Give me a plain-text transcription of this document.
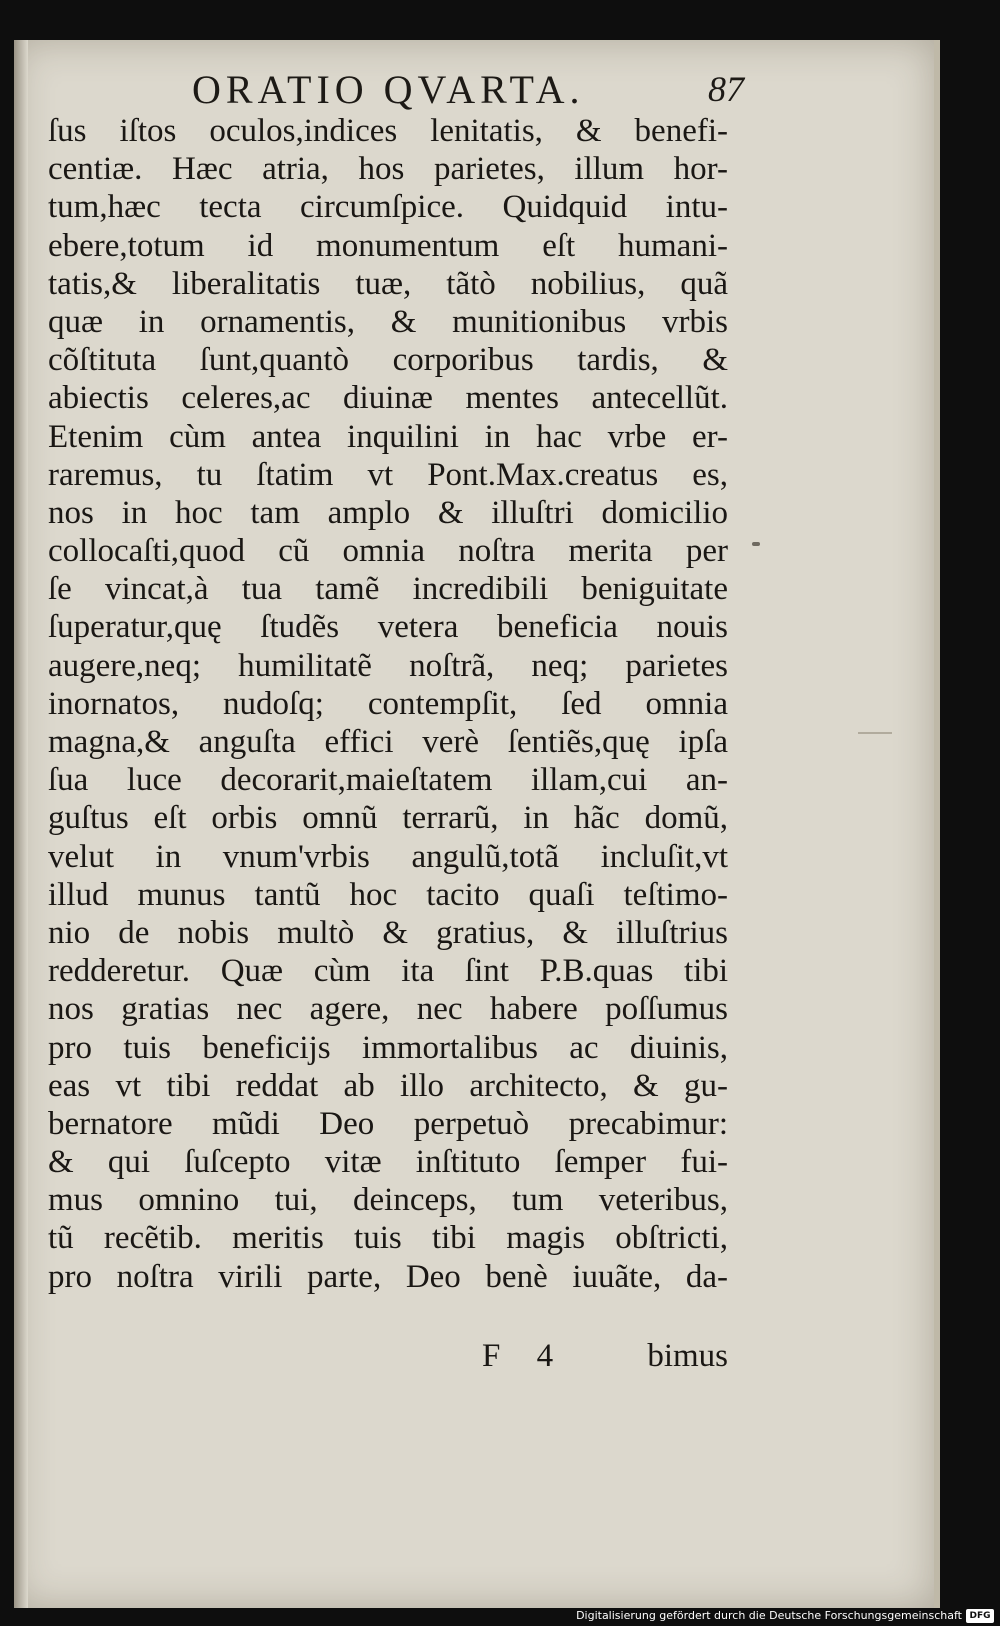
ORATIO QVARTA.	87
ſus iſtos oculos,indices lenitatis, & benefi-
centiæ. Hæc atria, hos parietes, illum hor-
tum,hæc tecta circumſpice. Quidquid intu-
ebere,totum id monumentum eſt humani-
tatis,& liberalitatis tuæ, tãtò nobilius, quã
quæ in ornamentis, & munitionibus vrbis
cõſtituta ſunt,quantò corporibus tardis, &
abiectis celeres,ac diuinæ mentes antecellũt.
Etenim cùm antea inquilini in hac vrbe er-
raremus, tu ſtatim vt Pont.Max.creatus es,
nos in hoc tam amplo & illuſtri domicilio
collocaſti,quod cũ omnia noſtra merita per
ſe vincat,à tua tamẽ incredibili beniguitate
ſuperatur,quę ſtudẽs vetera beneficia nouis
augere,neq; humilitatẽ noſtrã, neq; parietes
inornatos, nudoſq; contempſit, ſed omnia
magna,& anguſta effici verè ſentiẽs,quę ipſa
ſua luce decorarit,maieſtatem illam,cui an-
guſtus eſt orbis omnũ terrarũ, in hãc domũ,
velut in vnum'vrbis angulũ,totã incluſit,vt
illud munus tantũ hoc tacito quaſi teſtimo-
nio de nobis multò & gratius, & illuſtrius
redderetur. Quæ cùm ita ſint P.B.quas tibi
nos gratias nec agere, nec habere poſſumus
pro tuis beneficijs immortalibus ac diuinis,
eas vt tibi reddat ab illo architecto, & gu-
bernatore mũdi Deo perpetuò precabimur:
& qui ſuſcepto vitæ inſtituto ſemper fui-
mus omnino tui, deinceps, tum veteribus,
tũ recẽtib. meritis tuis tibi magis obſtricti,
pro noſtra virili parte, Deo benè iuuãte, da-
F 4 bimus
Digitalisierung gefördert durch die Deutsche Forschungsgemeinschaft DFG
